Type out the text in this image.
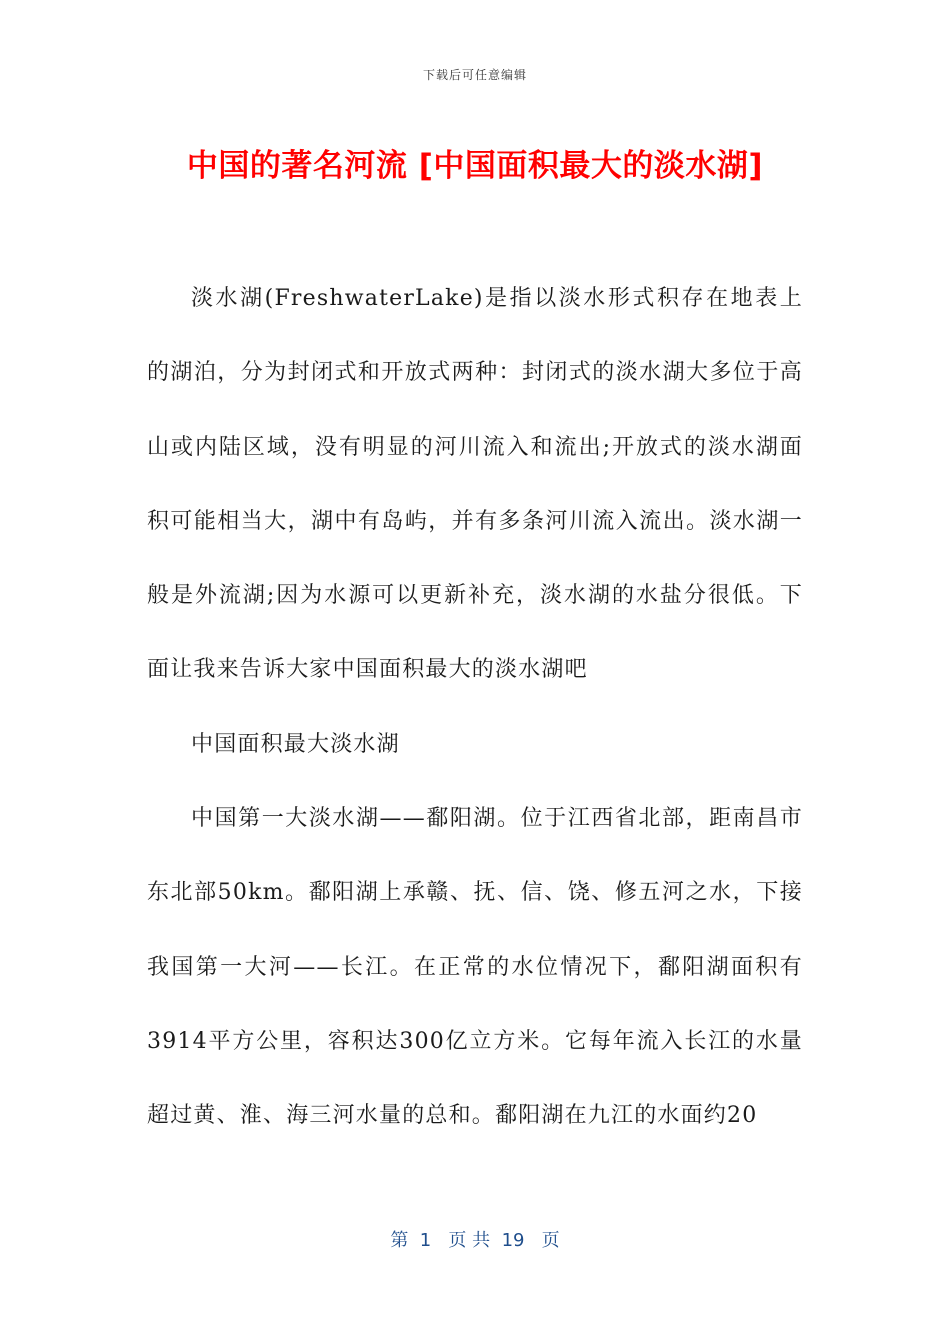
下载后可任意编辑
中国的著名河流 [中国面积最大的淡水湖]

淡水湖(FreshwaterLake)是指以淡水形式积存在地表上的湖泊，分为封闭式和开放式两种：封闭式的淡水湖大多位于高山或内陆区域，没有明显的河川流入和流出;开放式的淡水湖面积可能相当大，湖中有岛屿，并有多条河川流入流出。淡水湖一般是外流湖;因为水源可以更新补充，淡水湖的水盐分很低。下面让我来告诉大家中国面积最大的淡水湖吧

中国面积最大淡水湖

中国第一大淡水湖——鄱阳湖。位于江西省北部，距南昌市东北部50km。鄱阳湖上承赣、抚、信、饶、修五河之水，下接我国第一大河——长江。在正常的水位情况下，鄱阳湖面积有3914平方公里，容积达300亿立方米。它每年流入长江的水量超过黄、淮、海三河水量的总和。鄱阳湖在九江的水面约20

第  1   页 共  19   页
